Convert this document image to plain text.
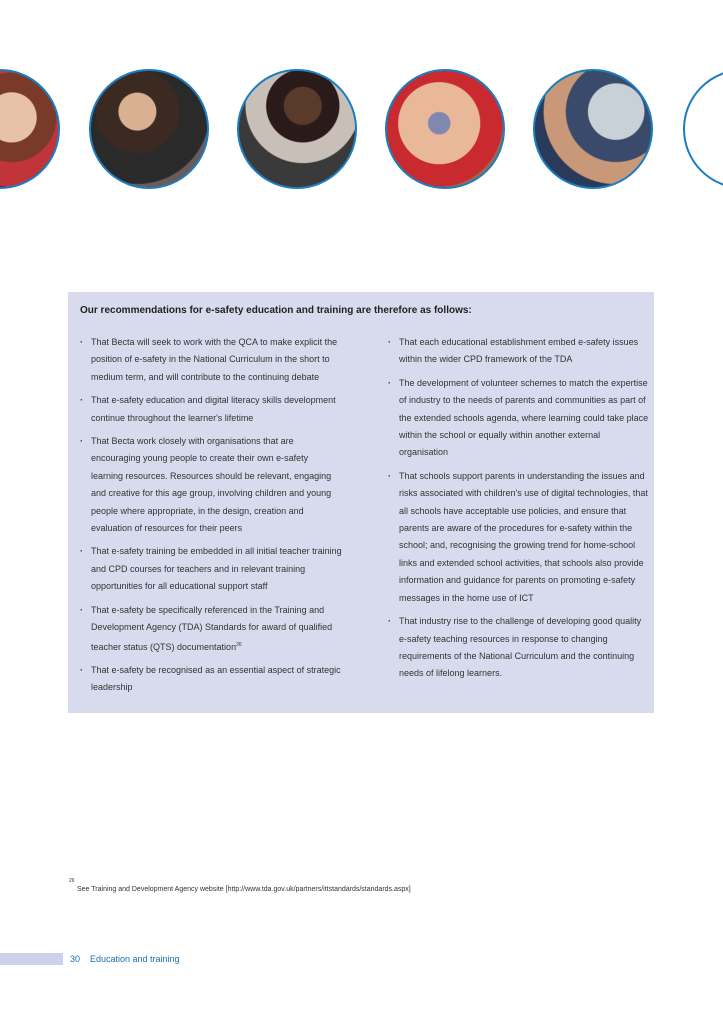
Our recommendations for e-safety education and training are therefore as follows:
· That Becta will seek to work with the QCA to make explicit the position of e-safety in the National Curriculum in the short to medium term, and will contribute to the continuing debate
· That e-safety education and digital literacy skills development continue throughout the learner's lifetime
· That Becta work closely with organisations that are encouraging young people to create their own e-safety learning resources. Resources should be relevant, engaging and creative for this age group, involving children and young people where appropriate, in the design, creation and evaluation of resources for their peers
· That e-safety training be embedded in all initial teacher training and CPD courses for teachers and in relevant training opportunities for all educational support staff
· That e-safety be specifically referenced in the Training and Development Agency (TDA) Standards for award of qualified teacher status (QTS) documentation$^{26}$
· That e-safety be recognised as an essential aspect of strategic leadership
· That each educational establishment embed e-safety issues within the wider CPD framework of the TDA
· The development of volunteer schemes to match the expertise of industry to the needs of parents and communities as part of the extended schools agenda, where learning could take place within the school or equally within another external organisation
· That schools support parents in understanding the issues and risks associated with children's use of digital technologies, that all schools have acceptable use policies, and ensure that parents are aware of the procedures for e-safety within the school; and, recognising the growing trend for home-school links and extended school activities, that schools also provide information and guidance for parents on promoting e-safety messages in the home use of ICT
· That industry rise to the challenge of developing good quality e-safety teaching resources in response to changing requirements of the National Curriculum and the continuing needs of lifelong learners.
26
See Training and Development Agency website [http://www.tda.gov.uk/partners/ittstandards/standards.aspx]
30 Education and training
